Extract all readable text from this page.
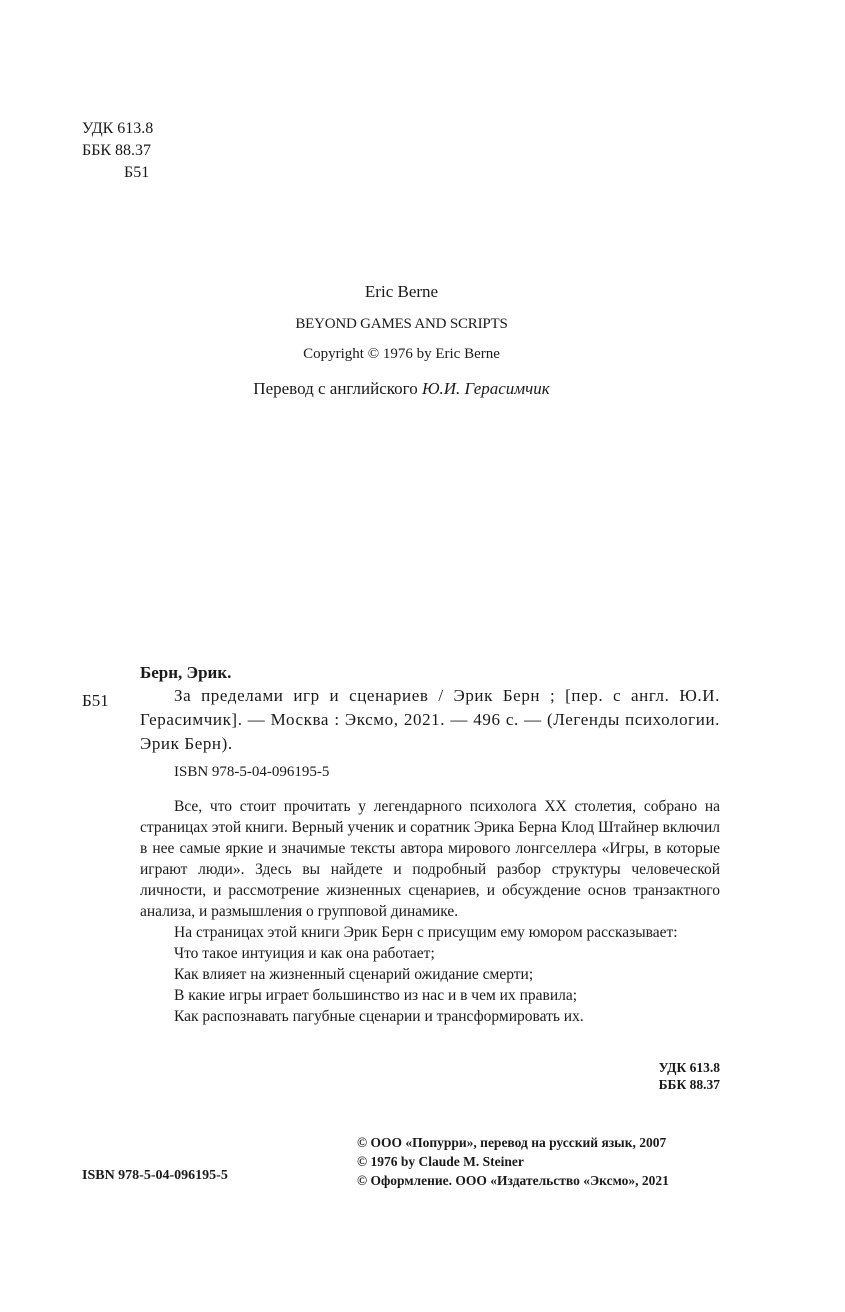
УДК 613.8
ББК 88.37
Б51
Eric Berne
BEYOND GAMES AND SCRIPTS
Copyright © 1976 by Eric Berne
Перевод с английского Ю.И. Герасимчик
Берн, Эрик.
Б51	За пределами игр и сценариев / Эрик Берн ; [пер. с англ. Ю.И. Герасимчик]. — Москва : Эксмо, 2021. — 496 с. — (Легенды психологии. Эрик Берн).
ISBN 978-5-04-096195-5

Все, что стоит прочитать у легендарного психолога ХХ столетия, собрано на страницах этой книги. Верный ученик и соратник Эрика Берна Клод Штайнер включил в нее самые яркие и значимые тексты автора мирового лонгселлера «Игры, в которые играют люди». Здесь вы найдете и подробный разбор структуры человеческой личности, и рассмотрение жизненных сценариев, и обсуждение основ транзактного анализа, и размышления о групповой динамике.

На страницах этой книги Эрик Берн с присущим ему юмором рассказывает:

Что такое интуиция и как она работает;

Как влияет на жизненный сценарий ожидание смерти;

В какие игры играет большинство из нас и в чем их правила;

Как распознавать пагубные сценарии и трансформировать их.

УДК 613.8
ББК 88.37
© ООО «Попурри», перевод на русский язык, 2007
© 1976 by Claude M. Steiner
© Оформление. ООО «Издательство «Эксмо», 2021
ISBN 978-5-04-096195-5
